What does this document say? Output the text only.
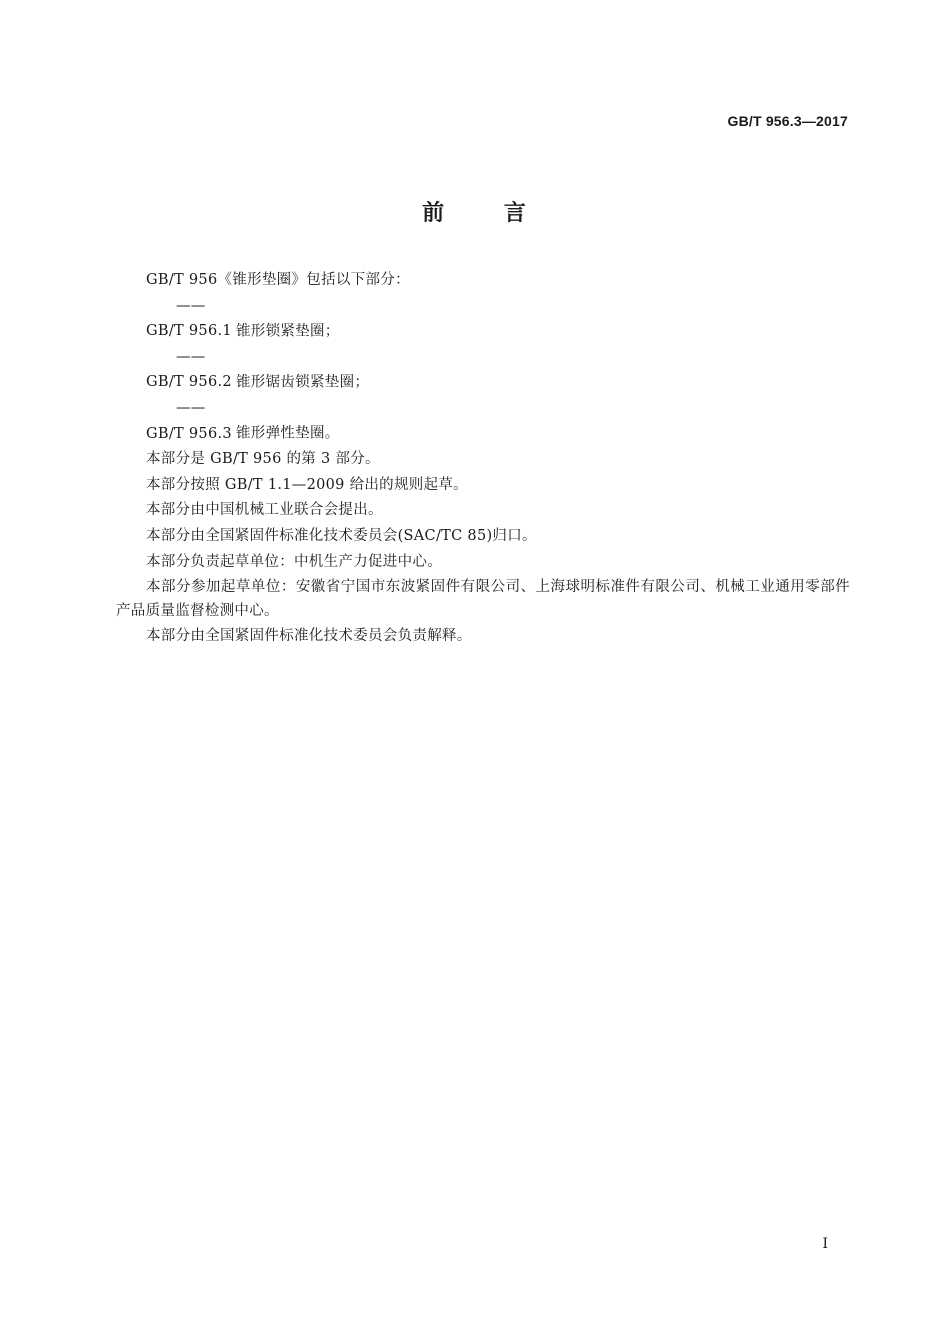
GB/T 956.3—2017
前 言

GB/T 956《锥形垫圈》包括以下部分：

——GB/T 956.1 锥形锁紧垫圈；

——GB/T 956.2 锥形锯齿锁紧垫圈；

——GB/T 956.3 锥形弹性垫圈。

本部分是 GB/T 956 的第 3 部分。

本部分按照 GB/T 1.1—2009 给出的规则起草。

本部分由中国机械工业联合会提出。

本部分由全国紧固件标准化技术委员会(SAC/TC 85)归口。

本部分负责起草单位：中机生产力促进中心。

本部分参加起草单位：安徽省宁国市东波紧固件有限公司、上海球明标准件有限公司、机械工业通用零部件产品质量监督检测中心。

本部分由全国紧固件标准化技术委员会负责解释。

I
